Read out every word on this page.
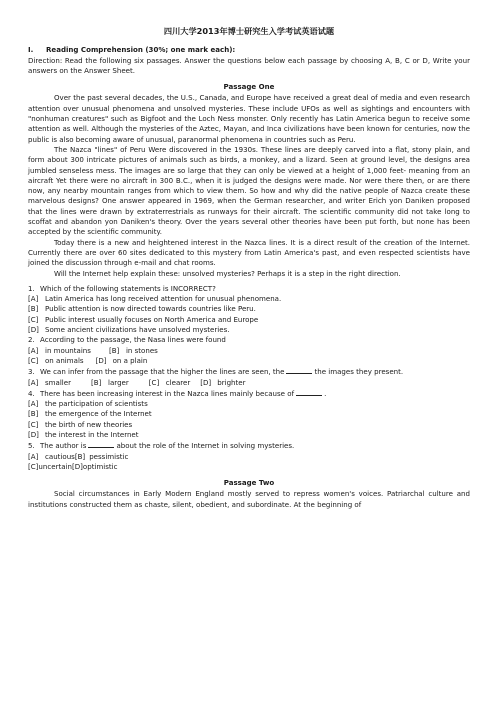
四川大学2013年博士研究生入学考试英语试题

I. Reading Comprehension (30%; one mark each):

Direction: Read the following six passages. Answer the questions below each passage by choosing A, B, C or D, Write your answers on the Answer Sheet.

Passage One

Over the past several decades, the U.S., Canada, and Europe have received a great deal of media and even research attention over unusual phenomena and unsolved mysteries. These include UFOs as well as sightings and encounters with "nonhuman creatures" such as Bigfoot and the Loch Ness monster. Only recently has Latin America begun to receive some attention as well. Although the mysteries of the Aztec, Mayan, and Inca civilizations have been known for centuries, now the public is also becoming aware of unusual, paranormal phenomena in countries such as Peru.

The Nazca "lines" of Peru Were discovered in the 1930s. These lines are deeply carved into a flat, stony plain, and form about 300 intricate pictures of animals such as birds, a monkey, and a lizard. Seen at ground level, the designs area jumbled senseless mess. The images are so large that they can only be viewed at a height of 1,000 feet- meaning from an aircraft Yet there were no aircraft in 300 B.C., when it is judged the designs were made. Nor were there then, or are there now, any nearby mountain ranges from which to view them. So how and why did the native people of Nazca create these marvelous designs? One answer appeared in 1969, when the German researcher, and writer Erich yon Daniken proposed that the lines were drawn by extraterrestrials as runways for their aircraft. The scientific community did not take long to scoffat and abandon yon Daniken's theory. Over the years several other theories have been put forth, but none has been accepted by the scientific community.

Today there is a new and heightened interest in the Nazca lines. It is a direct result of the creation of the Internet. Currently there are over 60 sites dedicated to this mystery from Latin America's past, and even respected scientists have joined the discussion through e-mail and chat rooms.

Will the Internet help explain these: unsolved mysteries? Perhaps it is a step in the right direction.

1. Which of the following statements is INCORRECT?

[A] Latin America has long received attention for unusual phenomena.

[B] Public attention is now directed towards countries like Peru.

[C] Public interest usually focuses on North America and Europe

[D] Some ancient civilizations have unsolved mysteries.

2. According to the passage, the Nasa lines were found

[A] in mountains	[B] in stones

[C] on animals [D] on a plain

3. We can infer from the passage that the higher the lines are seen, the	the images they present.

[A] smaller	[B] larger	[C] clearer [D] brighter

4. There has been increasing interest in the Nazca lines mainly because of	.

[A] the participation of scientists

[B] the emergence of the Internet

[C] the birth of new theories

[D] the interest in the Internet

5. The author is	about the role of the Internet in solving mysteries.

[A] cautious[B] pessimistic

[C]uncertain[D]optimistic

Passage Two

Social circumstances in Early Modern England mostly served to repress women's voices. Patriarchal culture and institutions constructed them as chaste, silent, obedient, and subordinate. At the beginning of
